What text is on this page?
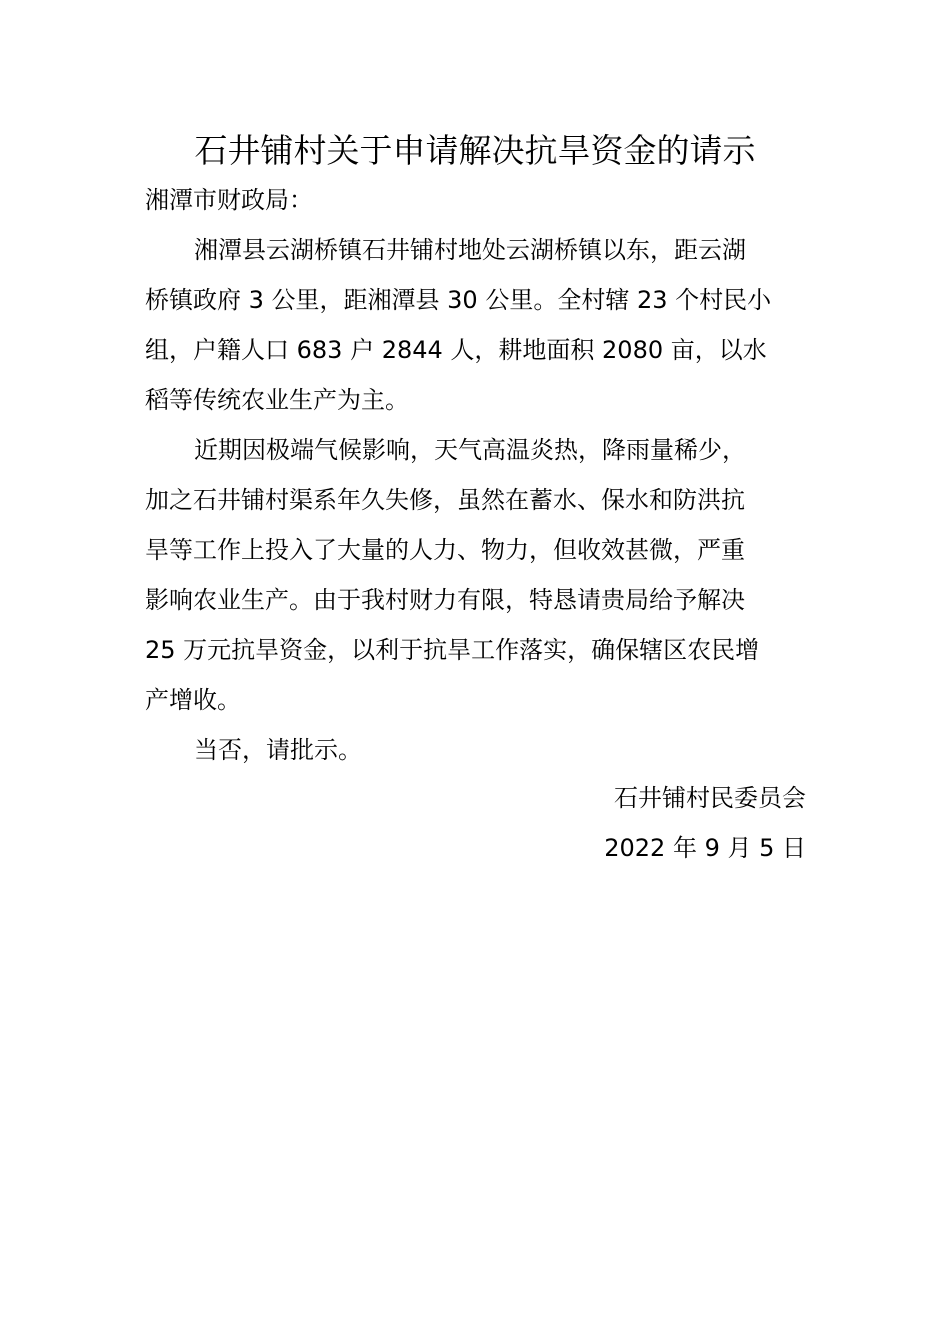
石井铺村关于申请解决抗旱资金的请示
湘潭市财政局：
湘潭县云湖桥镇石井铺村地处云湖桥镇以东，距云湖
桥镇政府 3 公里，距湘潭县 30 公里。全村辖 23 个村民小
组，户籍人口 683 户 2844 人，耕地面积 2080 亩，以水
稻等传统农业生产为主。
近期因极端气候影响，天气高温炎热，降雨量稀少，
加之石井铺村渠系年久失修，虽然在蓄水、保水和防洪抗
旱等工作上投入了大量的人力、物力，但收效甚微，严重
影响农业生产。由于我村财力有限，特恳请贵局给予解决
25 万元抗旱资金，以利于抗旱工作落实，确保辖区农民增
产增收。
当否，请批示。
石井铺村民委员会
2022 年 9 月 5 日
